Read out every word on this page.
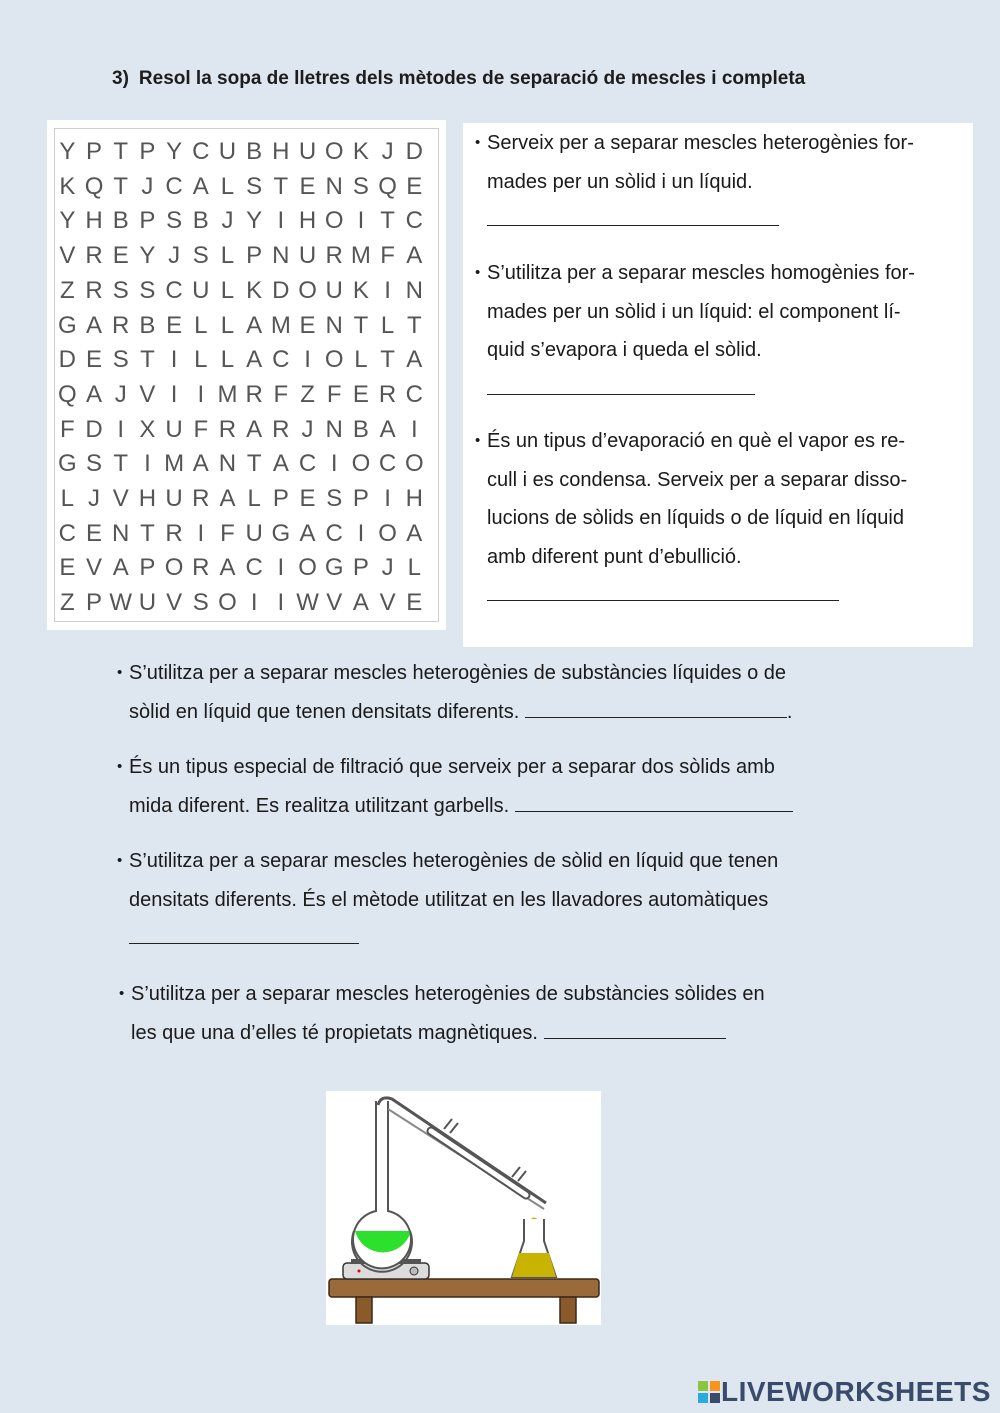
3) Resol la sopa de lletres dels mètodes de separació de mescles i completa
Y P T P Y C U B H U O K J D
K Q T J C A L S T E N S Q E
Y H B P S B J Y I H O I T C
V R E Y J S L P N U R M F A
Z R S S C U L K D O U K I N
G A R B E L L A M E N T L T
D E S T I L L A C I O L T A
Q A J V I I M R F Z F E R C
F D I X U F R A R J N B A I
G S T I M A N T A C I O C O
L J V H U R A L P E S P I H
C E N T R I F U G A C I O A
E V A P O R A C I O G P J L
Z P W U V S O I I W V A V E
• Serveix per a separar mescles heterogènies for-
mades per un sòlid i un líquid.
• S’utilitza per a separar mescles homogènies for-
mades per un sòlid i un líquid: el component lí-
quid s’evapora i queda el sòlid.
• És un tipus d’evaporació en què el vapor es re-
cull i es condensa. Serveix per a separar disso-
lucions de sòlids en líquids o de líquid en líquid
amb diferent punt d’ebullició.
• S’utilitza per a separar mescles heterogènies de substàncies líquides o de
sòlid en líquid que tenen densitats diferents.	.
• És un tipus especial de filtració que serveix per a separar dos sòlids amb
mida diferent. Es realitza utilitzant garbells.
• S’utilitza per a separar mescles heterogènies de sòlid en líquid que tenen
densitats diferents. És el mètode utilitzat en les llavadores automàtiques
• S’utilitza per a separar mescles heterogènies de substàncies sòlides en
les que una d’elles té propietats magnètiques.
LIVEWORKSHEETS
